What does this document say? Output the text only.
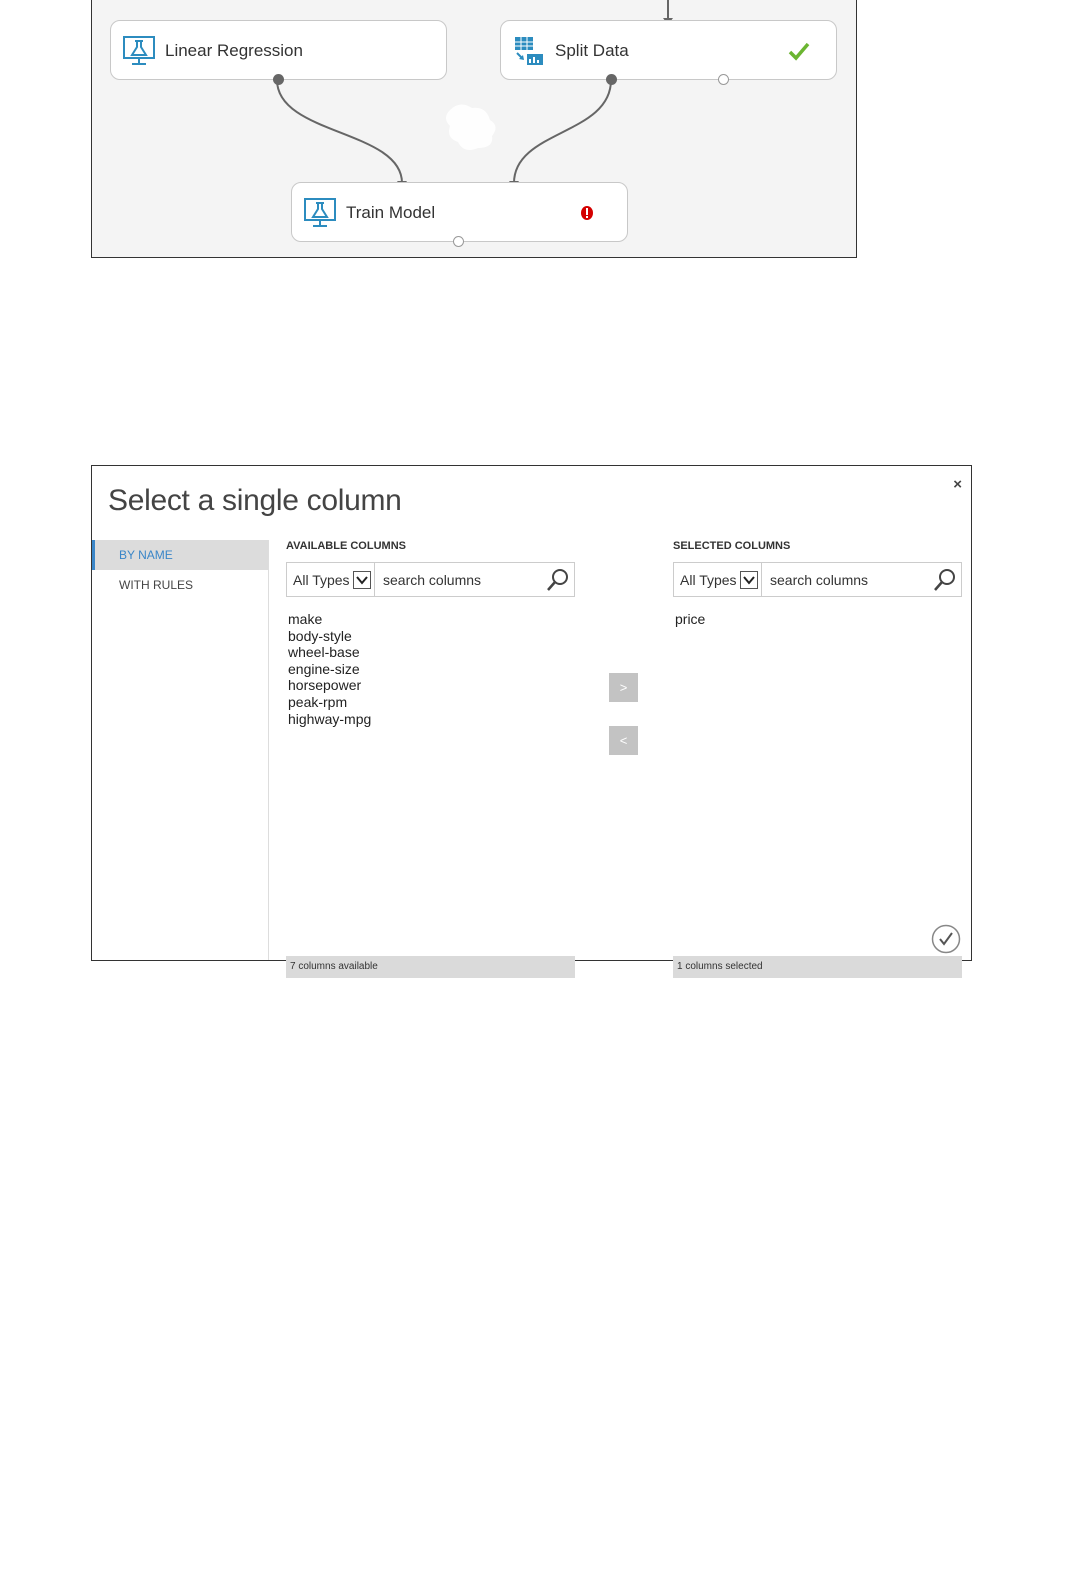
Linear Regression	Split Data
Train Model
×
Select a single column
BY NAME
WITH RULES
AVAILABLE COLUMNS
All Types
search columns
make
body-style
wheel-base
engine-size
horsepower
peak-rpm
highway-mpg
7 columns available
>
<
SELECTED COLUMNS
All Types
search columns
price
1 columns selected
